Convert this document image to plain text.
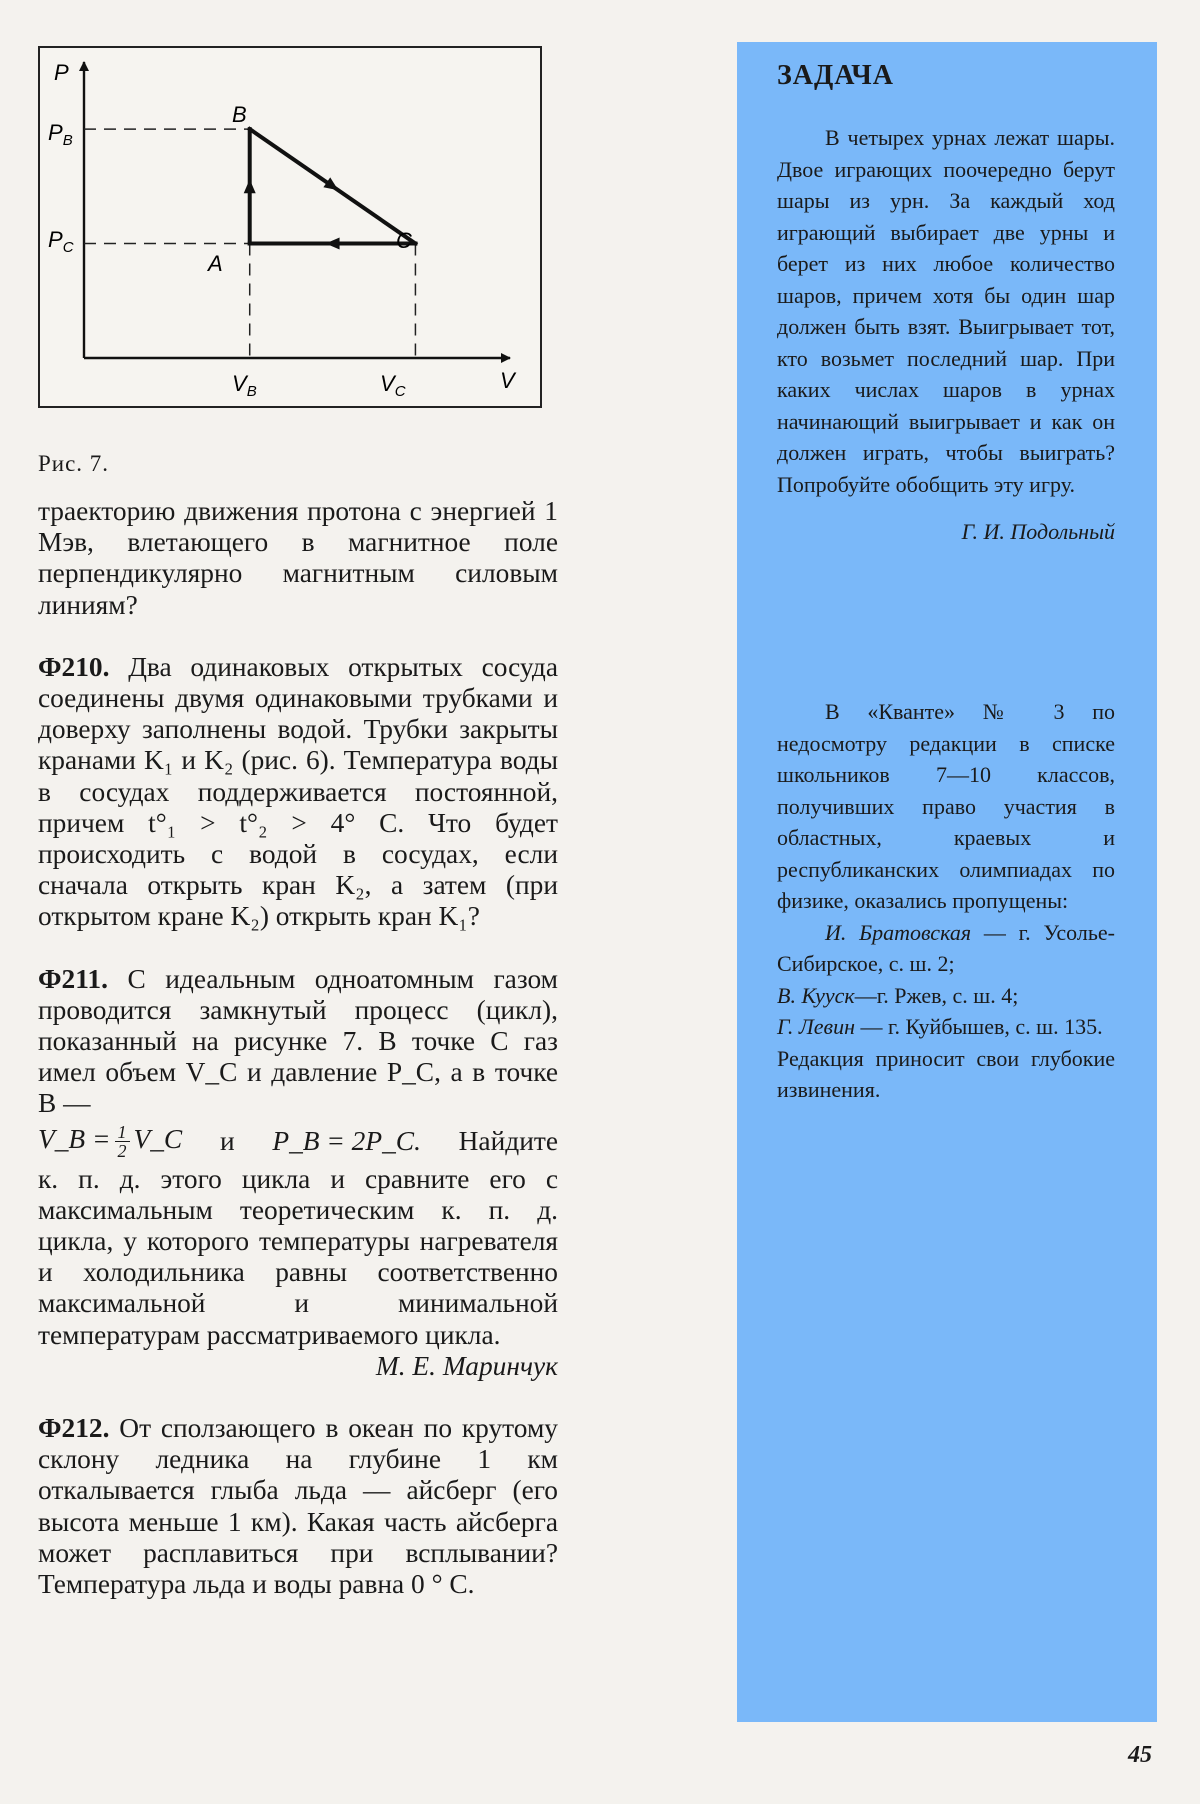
P
V
$P_B$
$P_C$
$V_B$	$V_C$
A
B
C
Рис. 7.

траекторию движения протона с энергией 1 Мэв, влетающего в магнитное поле перпендикулярно магнитным силовым линиям?

Ф210. Два одинаковых открытых сосуда соединены двумя одинаковыми трубками и доверху заполнены водой. Трубки закрыты кранами K₁ и K₂ (рис. 6). Температура воды в сосудах поддерживается постоянной, причем t°₁ > t°₂ > 4° C. Что будет происходить с водой в сосудах, если сначала открыть кран K₂, а затем (при открытом кране K₂) открыть кран K₁?

Ф211. С идеальным одноатомным газом проводится замкнутый процесс (цикл), показанный на рисунке 7. В точке C газ имел объем V_C и давление P_C, а в точке B —

V_B = $\frac{1}{2}$ V_C и P_B = 2P_C. Найдите

к. п. д. этого цикла и сравните его с максимальным теоретическим к. п. д. цикла, у которого температуры нагревателя и холодильника равны соответственно максимальной и минимальной температурам рассматриваемого цикла.

М. Е. Маринчук

Ф212. От сползающего в океан по крутому склону ледника на глубине 1 км откалывается глыба льда — айсберг (его высота меньше 1 км). Какая часть айсберга может расплавиться при всплывании? Температура льда и воды равна 0 ° C.

ЗАДАЧА

В четырех урнах лежат шары. Двое играющих поочередно берут шары из урн. За каждый ход играющий выбирает две урны и берет из них любое количество шаров, причем хотя бы один шар должен быть взят. Выигрывает тот, кто возьмет последний шар. При каких числах шаров в урнах начинающий выигрывает и как он должен играть, чтобы выиграть? Попробуйте обобщить эту игру.

Г. И. Подольный

В «Кванте» № 3 по недосмотру редакции в списке школьников 7—10 классов, получивших право участия в областных, краевых и республиканских олимпиадах по физике, оказались пропущены:

И. Братовская — г. Усолье-Сибирское, с. ш. 2;

В. Кууск—г. Ржев, с. ш. 4;

Г. Левин — г. Куйбышев, с. ш. 135.

Редакция приносит свои глубокие извинения.

45
